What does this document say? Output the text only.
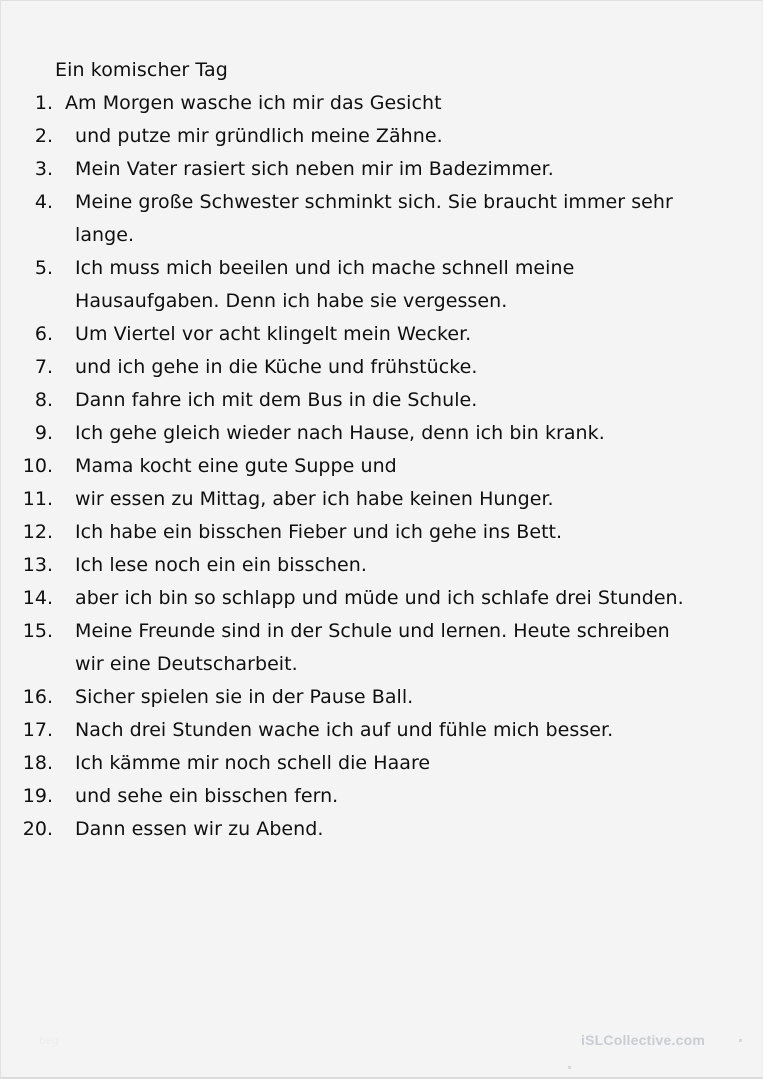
Ein komischer Tag
1. Am Morgen wasche ich mir das Gesicht
2. und putze mir gründlich meine Zähne.
3. Mein Vater rasiert sich neben mir im Badezimmer.
4. Meine große Schwester schminkt sich. Sie braucht immer sehr
lange.
5. Ich muss mich beeilen und ich mache schnell meine
Hausaufgaben. Denn ich habe sie vergessen.
6. Um Viertel vor acht klingelt mein Wecker.
7. und ich gehe in die Küche und frühstücke.
8. Dann fahre ich mit dem Bus in die Schule.
9. Ich gehe gleich wieder nach Hause, denn ich bin krank.
10. Mama kocht eine gute Suppe und
11. wir essen zu Mittag, aber ich habe keinen Hunger.
12. Ich habe ein bisschen Fieber und ich gehe ins Bett.
13. Ich lese noch ein ein bisschen.
14. aber ich bin so schlapp und müde und ich schlafe drei Stunden.
15. Meine Freunde sind in der Schule und lernen. Heute schreiben
wir eine Deutscharbeit.
16. Sicher spielen sie in der Pause Ball.
17. Nach drei Stunden wache ich auf und fühle mich besser.
18. Ich kämme mir noch schell die Haare
19. und sehe ein bisschen fern.
20. Dann essen wir zu Abend.
beg	iSLCollective.com
